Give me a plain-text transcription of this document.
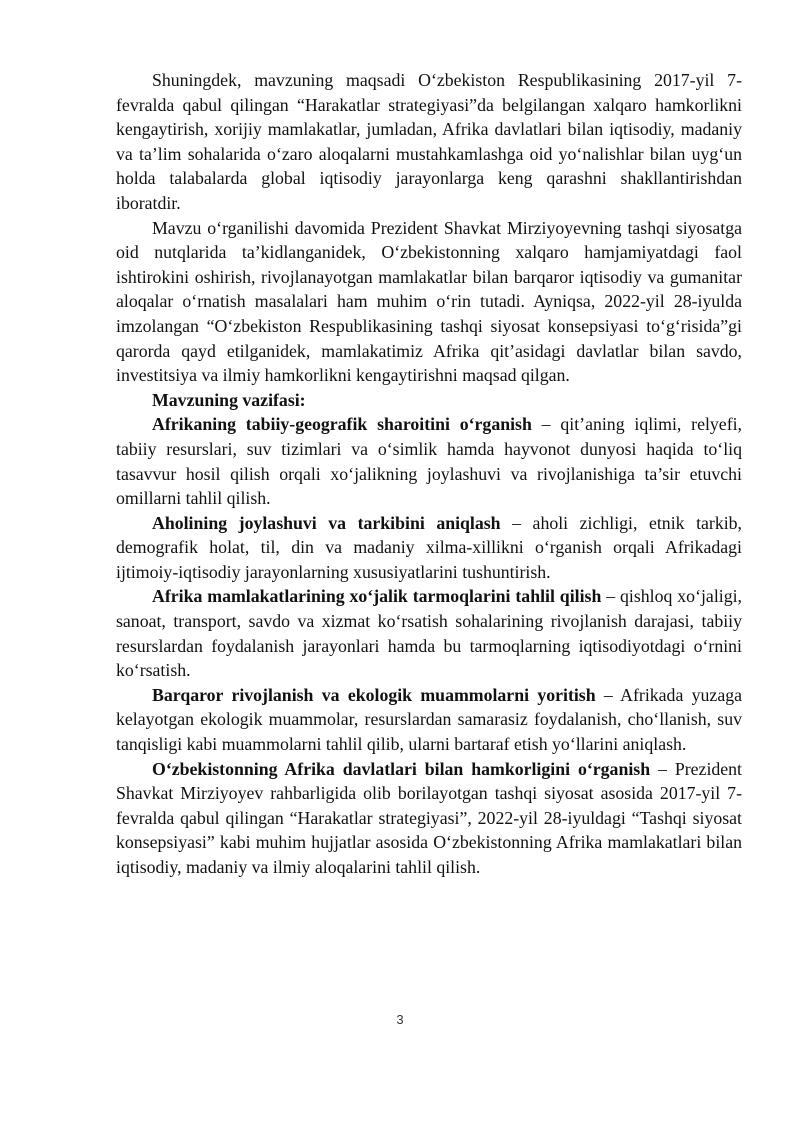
Shuningdek, mavzuning maqsadi O‘zbekiston Respublikasining 2017-yil 7-fevralda qabul qilingan “Harakatlar strategiyasi”da belgilangan xalqaro hamkorlikni kengaytirish, xorijiy mamlakatlar, jumladan, Afrika davlatlari bilan iqtisodiy, madaniy va ta’lim sohalarida o‘zaro aloqalarni mustahkamlashga oid yo‘nalishlar bilan uyg‘un holda talabalarda global iqtisodiy jarayonlarga keng qarashni shakllantirishdan iboratdir.

Mavzu o‘rganilishi davomida Prezident Shavkat Mirziyoyevning tashqi siyosatga oid nutqlarida ta’kidlanganidek, O‘zbekistonning xalqaro hamjamiyatdagi faol ishtirokini oshirish, rivojlanayotgan mamlakatlar bilan barqaror iqtisodiy va gumanitar aloqalar o‘rnatish masalalari ham muhim o‘rin tutadi. Ayniqsa, 2022-yil 28-iyulda imzolangan “O‘zbekiston Respublikasining tashqi siyosat konsepsiyasi to‘g‘risida”gi qarorda qayd etilganidek, mamlakatimiz Afrika qit’asidagi davlatlar bilan savdo, investitsiya va ilmiy hamkorlikni kengaytirishni maqsad qilgan.

Mavzuning vazifasi:

Afrikaning tabiiy-geografik sharoitini o‘rganish – qit’aning iqlimi, relyefi, tabiiy resurslari, suv tizimlari va o‘simlik hamda hayvonot dunyosi haqida to‘liq tasavvur hosil qilish orqali xo‘jalikning joylashuvi va rivojlanishiga ta’sir etuvchi omillarni tahlil qilish.

Aholining joylashuvi va tarkibini aniqlash – aholi zichligi, etnik tarkib, demografik holat, til, din va madaniy xilma-xillikni o‘rganish orqali Afrikadagi ijtimoiy-iqtisodiy jarayonlarning xususiyatlarini tushuntirish.

Afrika mamlakatlarining xo‘jalik tarmoqlarini tahlil qilish – qishloq xo‘jaligi, sanoat, transport, savdo va xizmat ko‘rsatish sohalarining rivojlanish darajasi, tabiiy resurslardan foydalanish jarayonlari hamda bu tarmoqlarning iqtisodiyotdagi o‘rnini ko‘rsatish.

Barqaror rivojlanish va ekologik muammolarni yoritish – Afrikada yuzaga kelayotgan ekologik muammolar, resurslardan samarasiz foydalanish, cho‘llanish, suv tanqisligi kabi muammolarni tahlil qilib, ularni bartaraf etish yo‘llarini aniqlash.

O‘zbekistonning Afrika davlatlari bilan hamkorligini o‘rganish – Prezident Shavkat Mirziyoyev rahbarligida olib borilayotgan tashqi siyosat asosida 2017-yil 7-fevralda qabul qilingan “Harakatlar strategiyasi”, 2022-yil 28-iyuldagi “Tashqi siyosat konsepsiyasi” kabi muhim hujjatlar asosida O‘zbekistonning Afrika mamlakatlari bilan iqtisodiy, madaniy va ilmiy aloqalarini tahlil qilish.

3
